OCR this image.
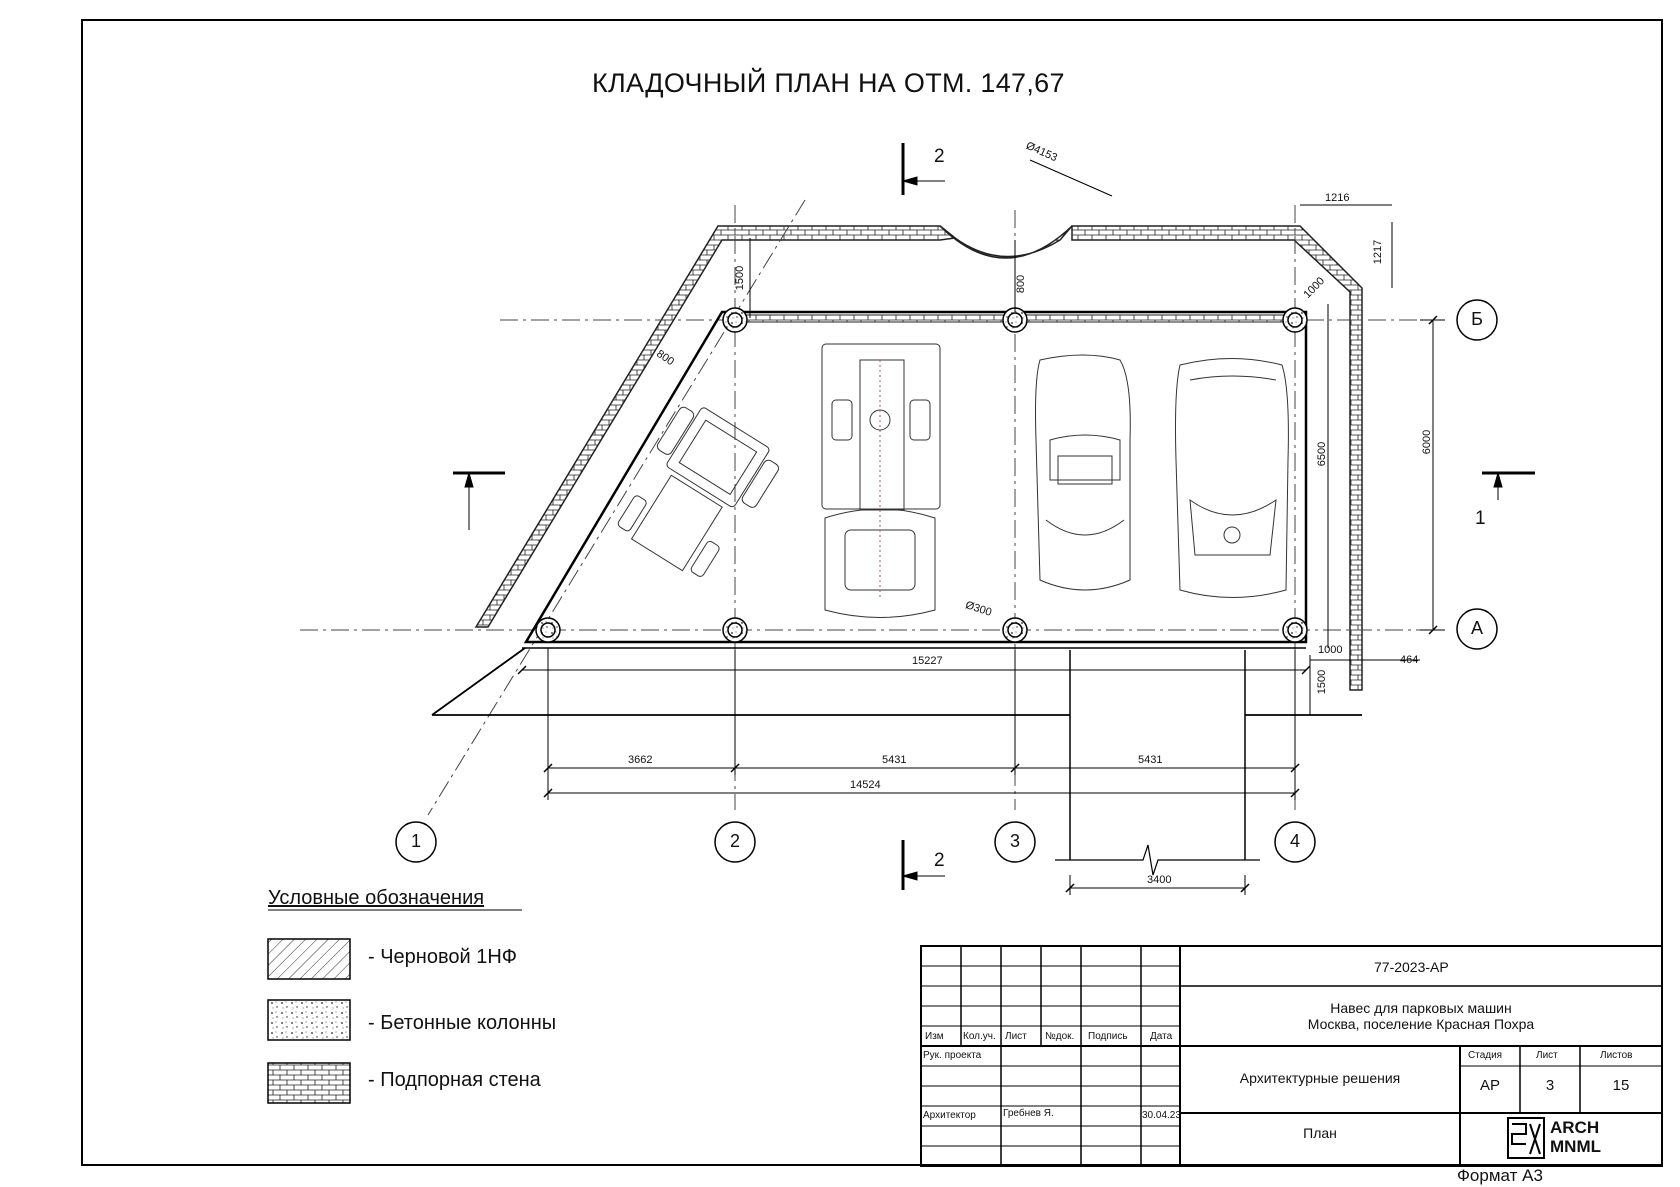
КЛАДОЧНЫЙ ПЛАН НА ОТМ. 147,67
2
2
1
Б
А
1	2	3	4
Ø4153
1216
1217
1500	800	1000
800
6500	6000
Ø300
15227
1000
464
1500
3662	5431	5431
14524
3400
Условные обозначения
- Черновой 1НФ
- Бетонные колонны
- Подпорная стена
77-2023-АР
Навес для парковых машин
Москва, поселение Красная Похра
Архитектурные решения
План
Изм Кол.уч. Лист №док. Подпись Дата
Рук. проекта
Архитектор	Гребнев Я.	30.04.23
Стадия	Лист	Листов
АР	3	15
ARCH
MNML
Формат А3
